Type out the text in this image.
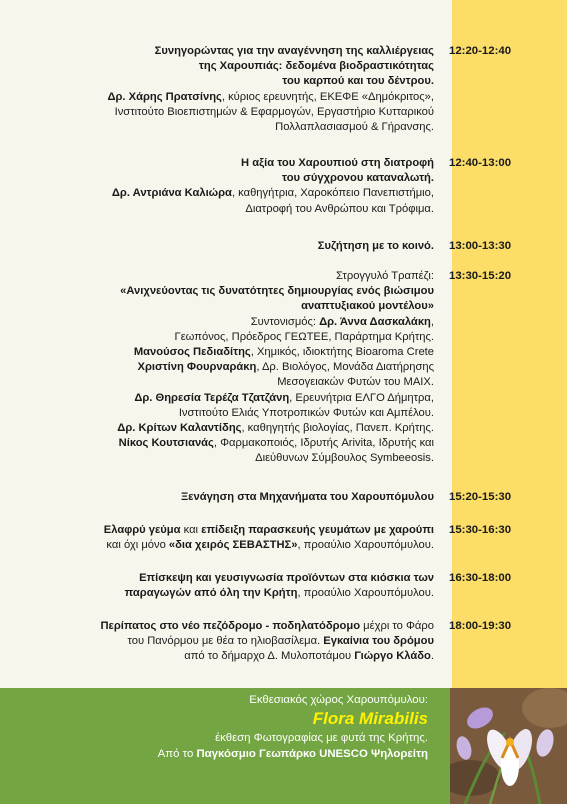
Συνηγορώντας για την αναγέννηση της καλλιέργειας
της Χαρουπιάς: δεδομένα βιοδραστικότητας
του καρπού και του δέντρου.
Δρ. Χάρης Πρατσίνης, κύριος ερευνητής, ΕΚΕΦΕ «Δημόκριτος»,
Ινστιτούτο Βιοεπιστημών & Εφαρμογών, Εργαστήριο Κυτταρικού
Πολλαπλασιασμού & Γήρανσης.
12:20-12:40
Η αξία του Χαρουπιού στη διατροφή
του σύγχρονου καταναλωτή.
Δρ. Αντριάνα Καλιώρα, καθηγήτρια, Χαροκόπειο Πανεπιστήμιο,
Διατροφή του Ανθρώπου και Τρόφιμα.
12:40-13:00
Συζήτηση με το κοινό. 13:00-13:30
Στρογγυλό Τραπέζι:
«Ανιχνεύοντας τις δυνατότητες δημιουργίας ενός βιώσιμου
αναπτυξιακού μοντέλου»
Συντονισμός: Δρ. Άννα Δασκαλάκη,
Γεωπόνος, Πρόεδρος ΓΕΩΤΕΕ, Παράρτημα Κρήτης.
Μανούσος Πεδιαδίτης, Χημικός, ιδιοκτήτης Bioaroma Crete
Χριστίνη Φουρναράκη, Δρ. Βιολόγος, Μονάδα Διατήρησης
Μεσογειακών Φυτών του ΜΑΙΧ.
Δρ. Θηρεσία Τερέζα Τζατζάνη, Ερευνήτρια ΕΛΓΟ Δήμητρα,
Ινστιτούτο Ελιάς Υποτροπικών Φυτών και Αμπέλου.
Δρ. Κρίτων Καλαντίδης, καθηγητής βιολογίας, Πανεπ. Κρήτης.
Νίκος Κουτσιανάς, Φαρμακοποιός, Ιδρυτής Arivita, Ιδρυτής και
Διεύθυνων Σύμβουλος Symbeeosis.
13:30-15:20
Ξενάγηση στα Μηχανήματα του Χαρουπόμυλου 15:20-15:30
Ελαφρύ γεύμα και επίδειξη παρασκευής γευμάτων με χαρούπι
και όχι μόνο «δια χειρός ΣΕΒΑΣΤΗΣ», προαύλιο Χαρουπόμυλου.
15:30-16:30
Επίσκεψη και γευσιγνωσία προϊόντων στα κιόσκια των
παραγωγών από όλη την Κρήτη, προαύλιο Χαρουπόμυλου.
16:30-18:00
Περίπατος στο νέο πεζόδρομο - ποδηλατόδρομο μέχρι το Φάρο
του Πανόρμου με θέα το ηλιοβασίλεμα. Εγκαίνια του δρόμου
από το δήμαρχο Δ. Μυλοποτάμου Γιώργο Κλάδο.
18:00-19:30
Εκθεσιακός χώρος Χαρουπόμυλου:
Flora Mirabilis
έκθεση Φωτογραφίας με φυτά της Κρήτης.
Από το Παγκόσμιο Γεωπάρκο UNESCO Ψηλορείτη
